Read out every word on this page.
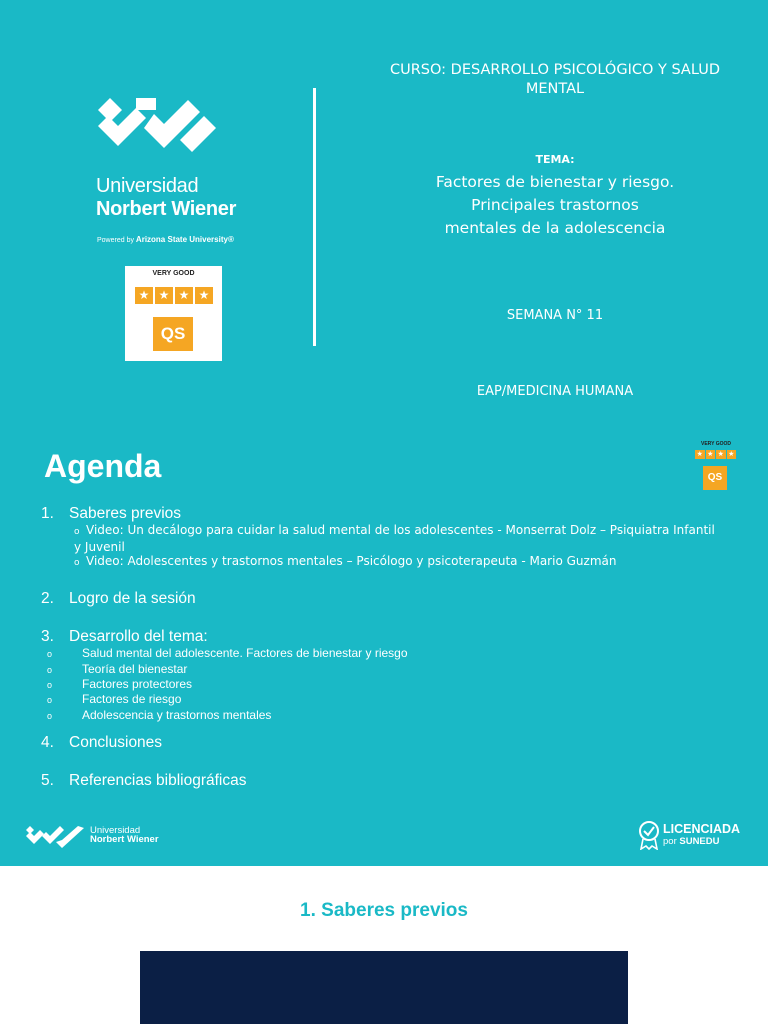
Universidad
Norbert Wiener
Powered by Arizona State University®
VERY GOOD
★ ★ ★ ★
QS
CURSO: DESARROLLO PSICOLÓGICO Y SALUD MENTAL
TEMA:
Factores de bienestar y riesgo.
Principales trastornos
mentales de la adolescencia
SEMANA N° 11
EAP/MEDICINA HUMANA
Agenda
VERY GOOD
★ ★ ★ ★
QS
1. Saberes previos
o Video: Un decálogo para cuidar la salud mental de los adolescentes - Monserrat Dolz – Psiquiatra Infantil y Juvenil
o Video: Adolescentes y trastornos mentales – Psicólogo y psicoterapeuta - Mario Guzmán
2. Logro de la sesión
3. Desarrollo del tema:
o Salud mental del adolescente. Factores de bienestar y riesgo
o Teoría del bienestar
o Factores protectores
o Factores de riesgo
o Adolescencia y trastornos mentales
4. Conclusiones
5. Referencias bibliográficas
Universidad
Norbert Wiener
LICENCIADA
por SUNEDU
1. Saberes previos
